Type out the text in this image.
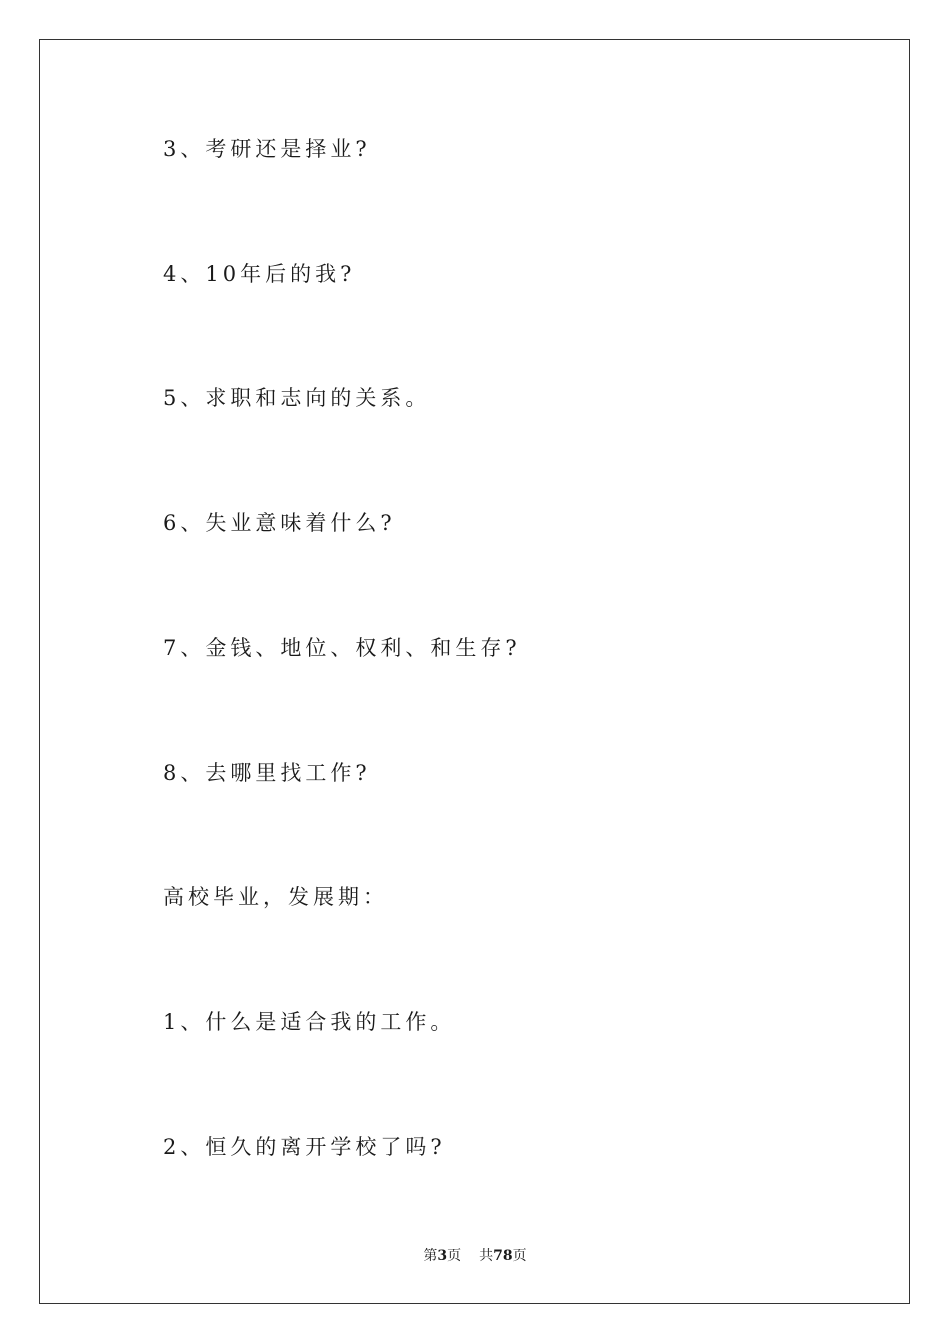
3、考研还是择业?
4、10年后的我?
5、求职和志向的关系。
6、失业意味着什么?
7、金钱、地位、权利、和生存?
8、去哪里找工作?
高校毕业，发展期：
1、什么是适合我的工作。
2、恒久的离开学校了吗?
第3页 共78页
